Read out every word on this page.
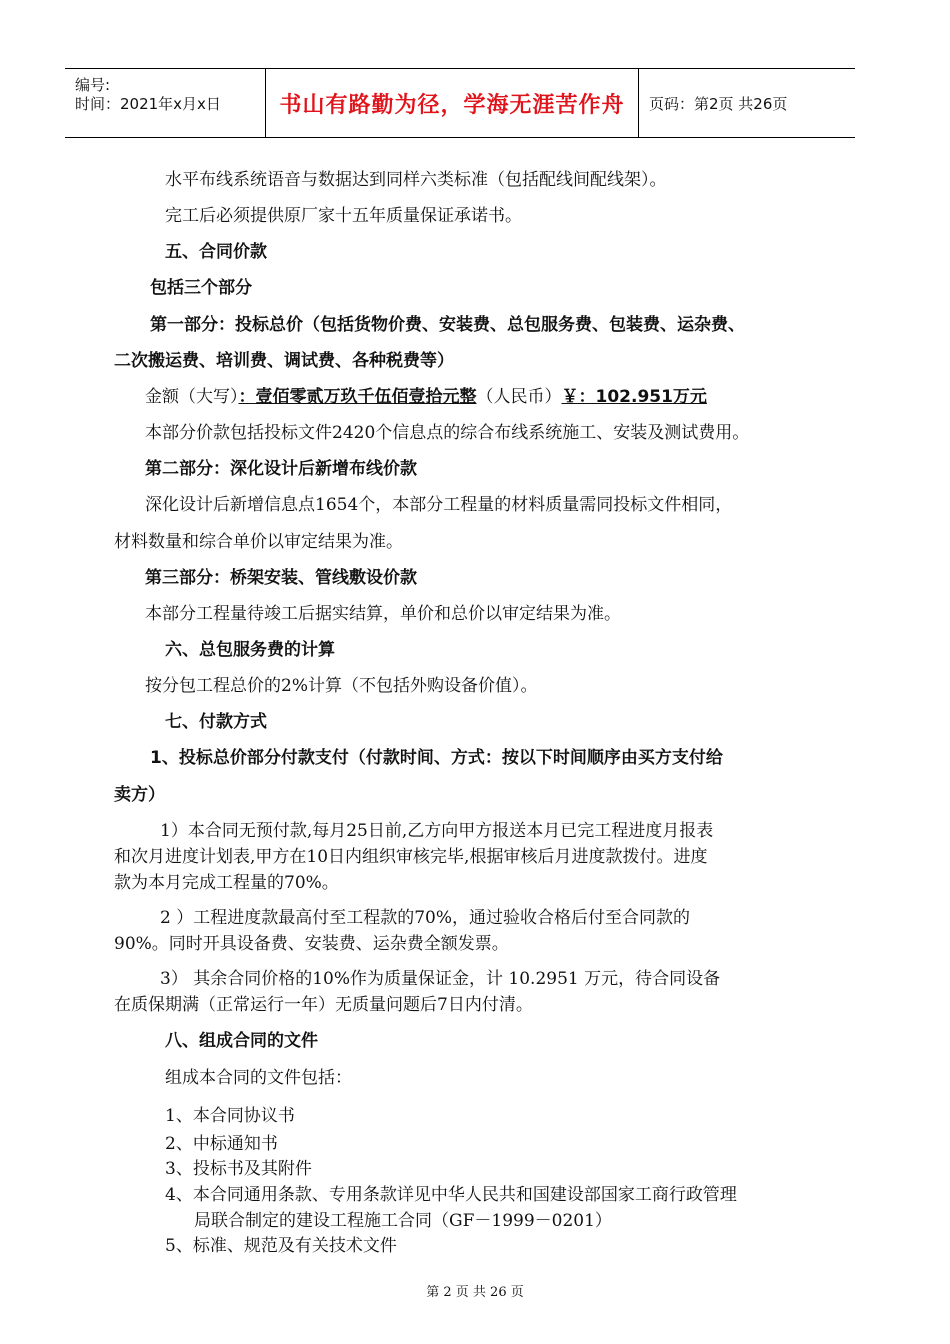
编号:
时间：2021年x月x日	书山有路勤为径，学海无涯苦作舟 页码：第2页 共26页
水平布线系统语音与数据达到同样六类标准（包括配线间配线架）。
完工后必须提供原厂家十五年质量保证承诺书。
五、合同价款
包括三个部分
第一部分：投标总价（包括货物价费、安装费、总包服务费、包装费、运杂费、
二次搬运费、培训费、调试费、各种税费等）
金额（大写）：壹佰零贰万玖千伍佰壹拾元整（人民币）￥：102.951万元
本部分价款包括投标文件2420个信息点的综合布线系统施工、安装及测试费用。
第二部分：深化设计后新增布线价款
深化设计后新增信息点1654个，本部分工程量的材料质量需同投标文件相同，
材料数量和综合单价以审定结果为准。
第三部分：桥架安装、管线敷设价款
本部分工程量待竣工后据实结算，单价和总价以审定结果为准。
六、总包服务费的计算
按分包工程总价的2%计算（不包括外购设备价值）。
七、付款方式
1、投标总价部分付款支付（付款时间、方式：按以下时间顺序由买方支付给
卖方）
1）本合同无预付款,每月25日前,乙方向甲方报送本月已完工程进度月报表
和次月进度计划表,甲方在10日内组织审核完毕,根据审核后月进度款拨付。进度
款为本月完成工程量的70%。
2 ）工程进度款最高付至工程款的70%，通过验收合格后付至合同款的
90%。同时开具设备费、安装费、运杂费全额发票。
3） 其余合同价格的10%作为质量保证金，计 10.2951 万元，待合同设备
在质保期满（正常运行一年）无质量问题后7日内付清。
八、组成合同的文件
组成本合同的文件包括：
1、本合同协议书
2、中标通知书
3、投标书及其附件
4、本合同通用条款、专用条款详见中华人民共和国建设部国家工商行政管理
局联合制定的建设工程施工合同（GF－1999－0201）
5、标准、规范及有关技术文件
第 2 页 共 26 页
